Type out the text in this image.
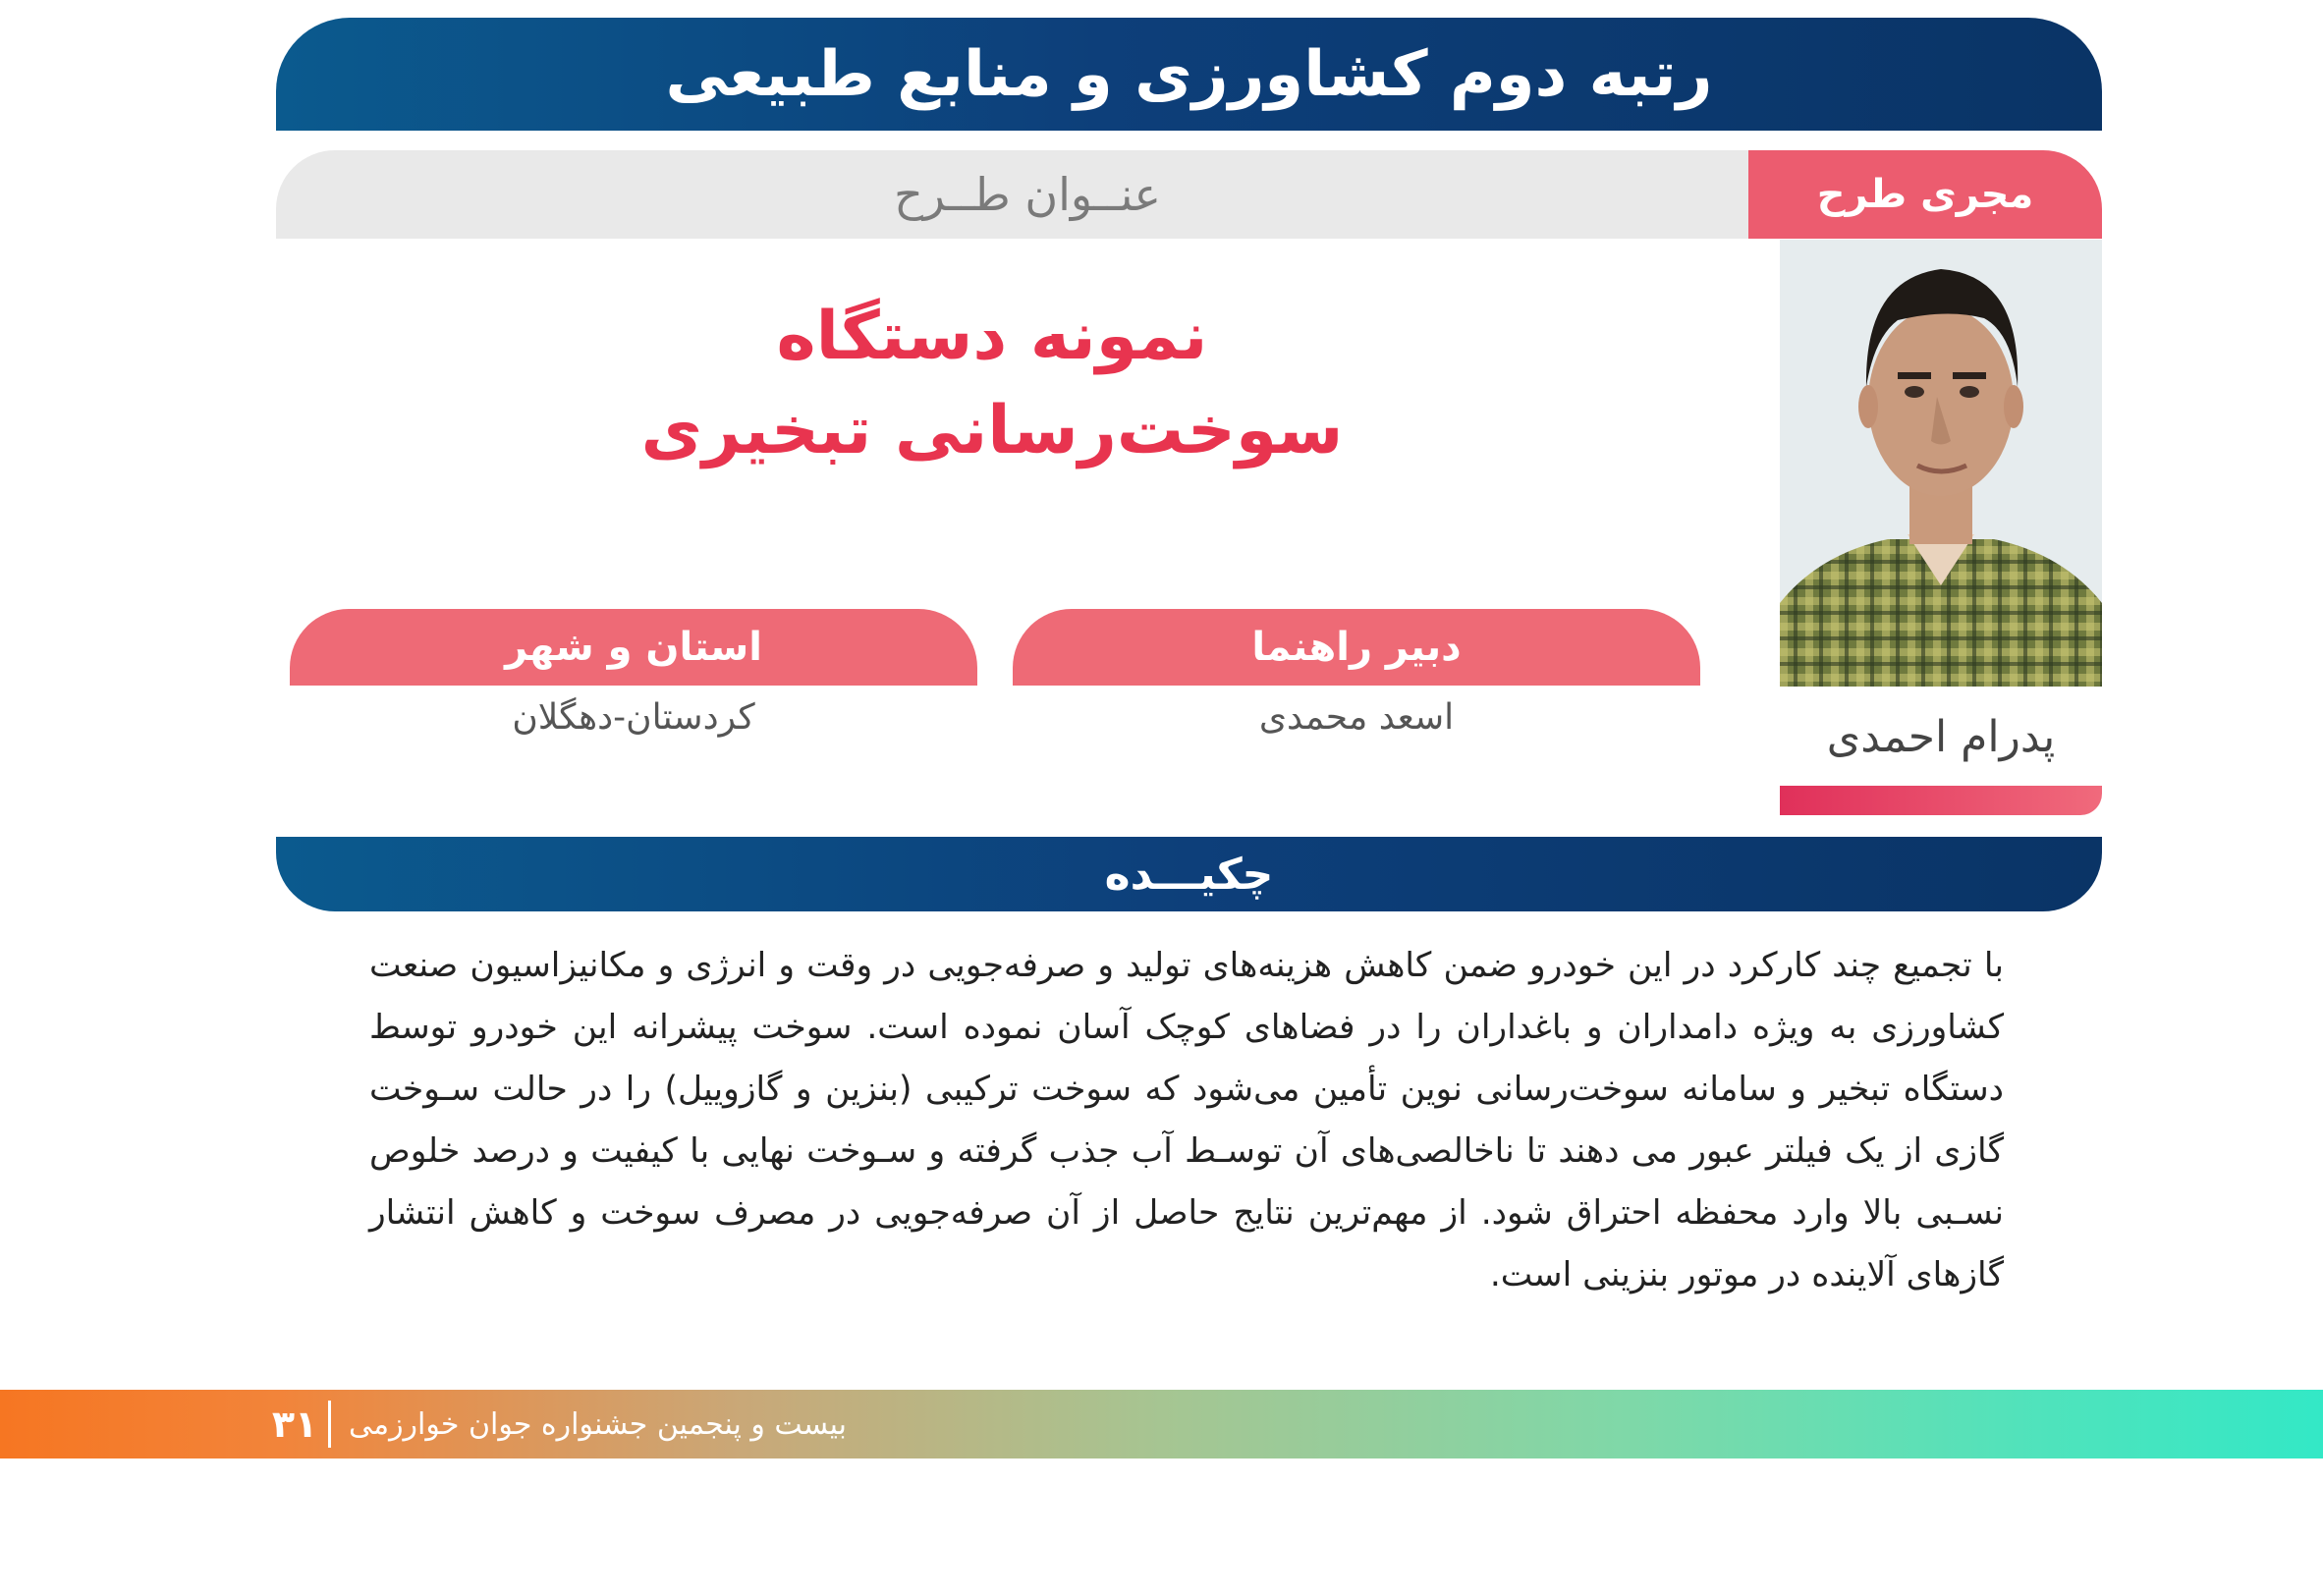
رتبه دوم کشاورزی و منابع طبیعی
عنــوان طــرح	مجری طرح
پدرام احمدی
نمونه دستگاه
سوخت‌رسانی تبخیری
دبیر راهنما
اسعد محمدی
استان و شهر
کردستان-دهگلان
چکیـــده
با تجمیع چند کارکرد در این خودرو ضمن کاهش هزینه‌های تولید و صرفه‌جویی در وقت و انرژی و مکانیزاسیون صنعت کشاورزی به ویژه دامداران و باغداران را در فضاهای کوچک آسان نموده است. سوخت پیشرانه این خودرو توسط دستگاه تبخیر و سامانه سوخت‌رسانی نوین تأمین می‌شود که سوخت ترکیبی (بنزین و گازوییل) را در حالت سـوخت گازی از یک فیلتر عبور می دهند تا ناخالصی‌های آن توسـط آب جذب گرفته و سـوخت نهایی با کیفیت و درصد خلوص نسـبی بالا وارد محفظه احتراق شود. از مهم‌ترین نتایج حاصل از آن صرفه‌جویی در مصرف سوخت و کاهش انتشار گازهای آلاینده در موتور بنزینی است.
بیست و پنجمین جشنواره جوان خوارزمی
۳۱
